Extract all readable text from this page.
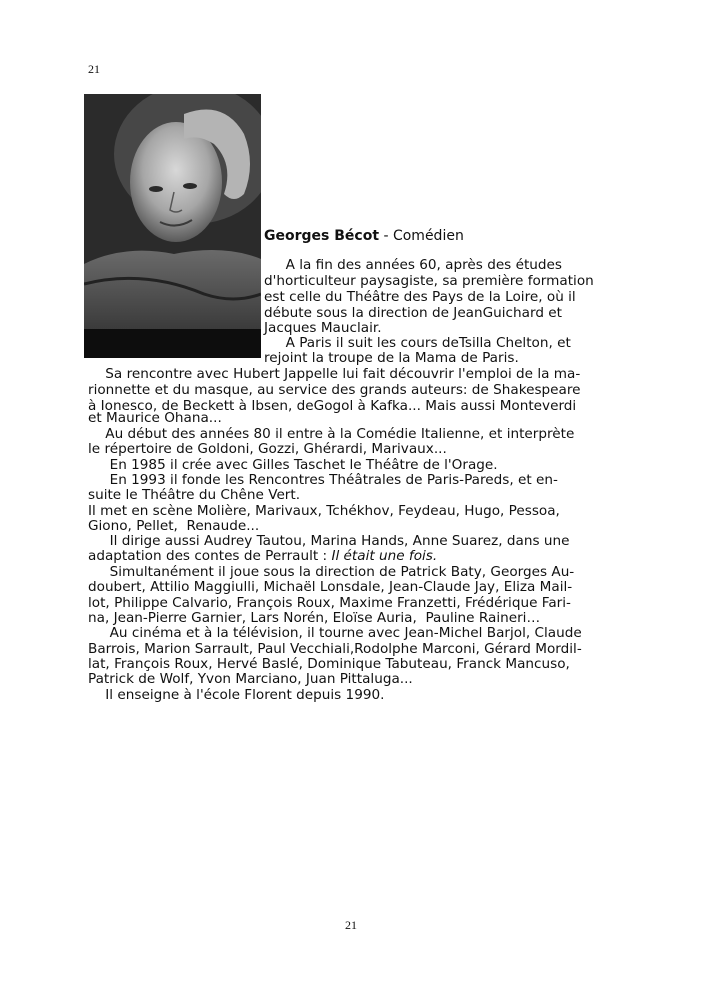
21
Georges Bécot - Comédien
A la fin des années 60, après des études
d'horticulteur paysagiste, sa première formation
est celle du Théâtre des Pays de la Loire, où il
débute sous la direction de JeanGuichard et
Jacques Mauclair.
A Paris il suit les cours deTsilla Chelton, et
rejoint la troupe de la Mama de Paris.
Sa rencontre avec Hubert Jappelle lui fait découvrir l'emploi de la ma-
rionnette et du masque, au service des grands auteurs: de Shakespeare
à Ionesco, de Beckett à Ibsen, deGogol à Kafka... Mais aussi Monteverdi
et Maurice Ohana...
Au début des années 80 il entre à la Comédie Italienne, et interprète
le répertoire de Goldoni, Gozzi, Ghérardi, Marivaux...
En 1985 il crée avec Gilles Taschet le Théâtre de l'Orage.
En 1993 il fonde les Rencontres Théâtrales de Paris-Pareds, et en-
suite le Théâtre du Chêne Vert.
Il met en scène Molière, Marivaux, Tchékhov, Feydeau, Hugo, Pessoa,
Giono, Pellet,  Renaude...
Il dirige aussi Audrey Tautou, Marina Hands, Anne Suarez, dans une
adaptation des contes de Perrault : Il était une fois.
Simultanément il joue sous la direction de Patrick Baty, Georges Au-
doubert, Attilio Maggiulli, Michaël Lonsdale, Jean-Claude Jay, Eliza Mail-
lot, Philippe Calvario, François Roux, Maxime Franzetti, Frédérique Fari-
na, Jean-Pierre Garnier, Lars Norén, Eloïse Auria,  Pauline Raineri…
Au cinéma et à la télévision, il tourne avec Jean-Michel Barjol, Claude
Barrois, Marion Sarrault, Paul Vecchiali,Rodolphe Marconi, Gérard Mordil-
lat, François Roux, Hervé Baslé, Dominique Tabuteau, Franck Mancuso,
Patrick de Wolf, Yvon Marciano, Juan Pittaluga...
Il enseigne à l'école Florent depuis 1990.
21
